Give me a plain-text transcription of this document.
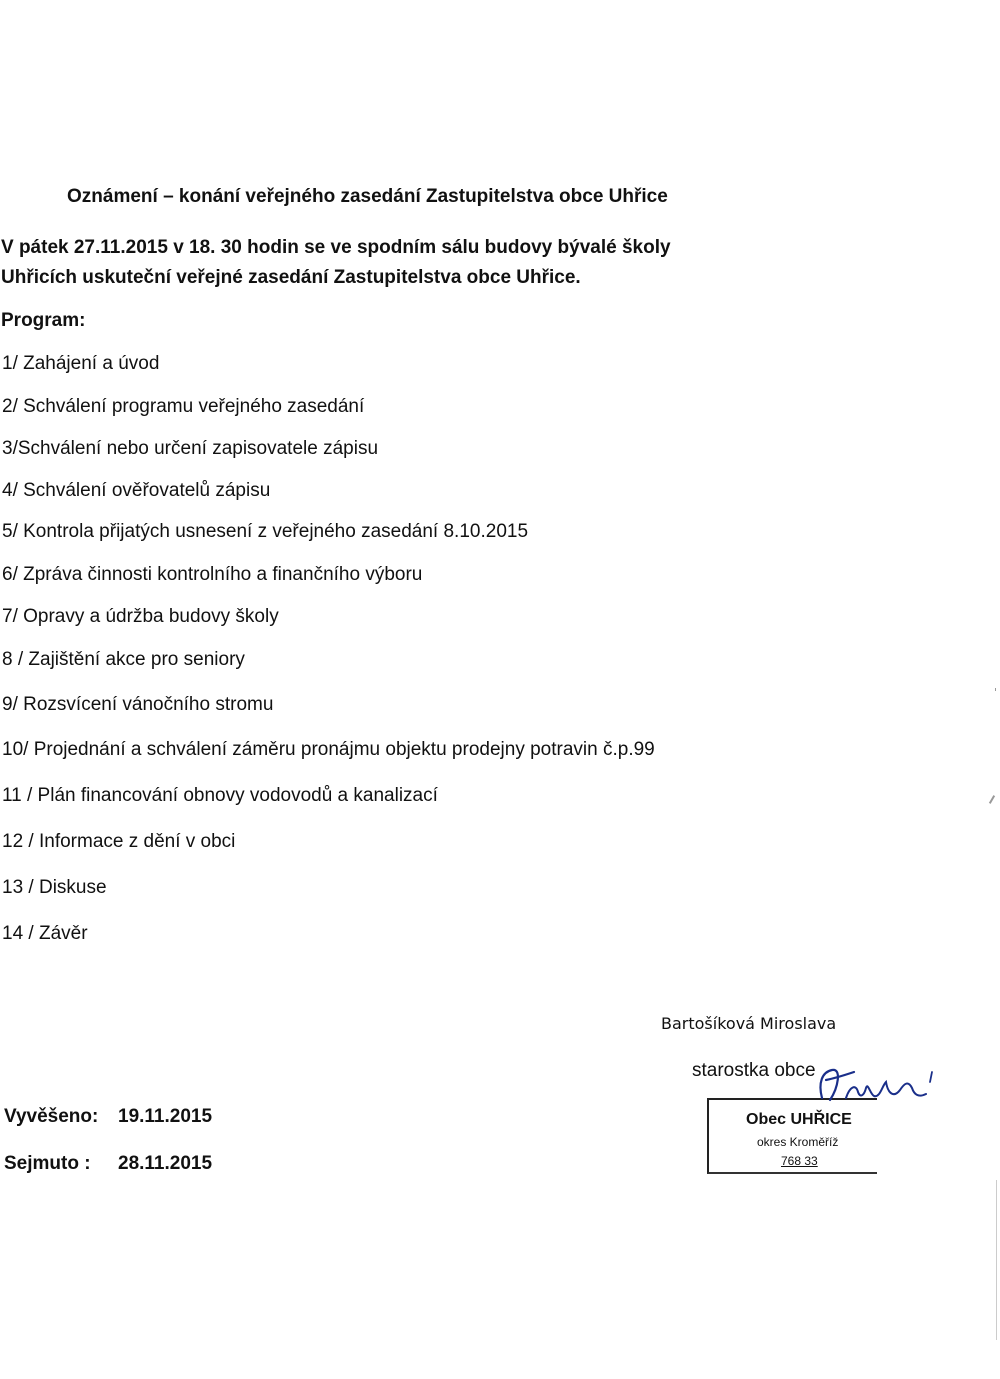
Oznámení – konání veřejného zasedání Zastupitelstva obce Uhřice
V pátek 27.11.2015 v 18. 30 hodin se ve spodním sálu budovy bývalé školy
Uhřicích uskuteční veřejné zasedání Zastupitelstva obce Uhřice.
Program:
1/ Zahájení a úvod
2/ Schválení programu veřejného zasedání
3/Schválení nebo určení zapisovatele zápisu
4/ Schválení ověřovatelů zápisu
5/ Kontrola přijatých usnesení z veřejného zasedání 8.10.2015
6/ Zpráva činnosti kontrolního a finančního výboru
7/ Opravy a údržba budovy školy
8 / Zajištění akce pro seniory
9/ Rozsvícení vánočního stromu
10/ Projednání a schválení záměru pronájmu objektu prodejny potravin č.p.99
11 / Plán financování obnovy vodovodů a kanalizací
12 / Informace z dění v obci
13 / Diskuse
14 / Závěr
Bartošíková Miroslava
starostka obce
Obec UHŘICE
okres Kroměříž
768 33
Vyvěšeno: 19.11.2015
Sejmuto : 28.11.2015
